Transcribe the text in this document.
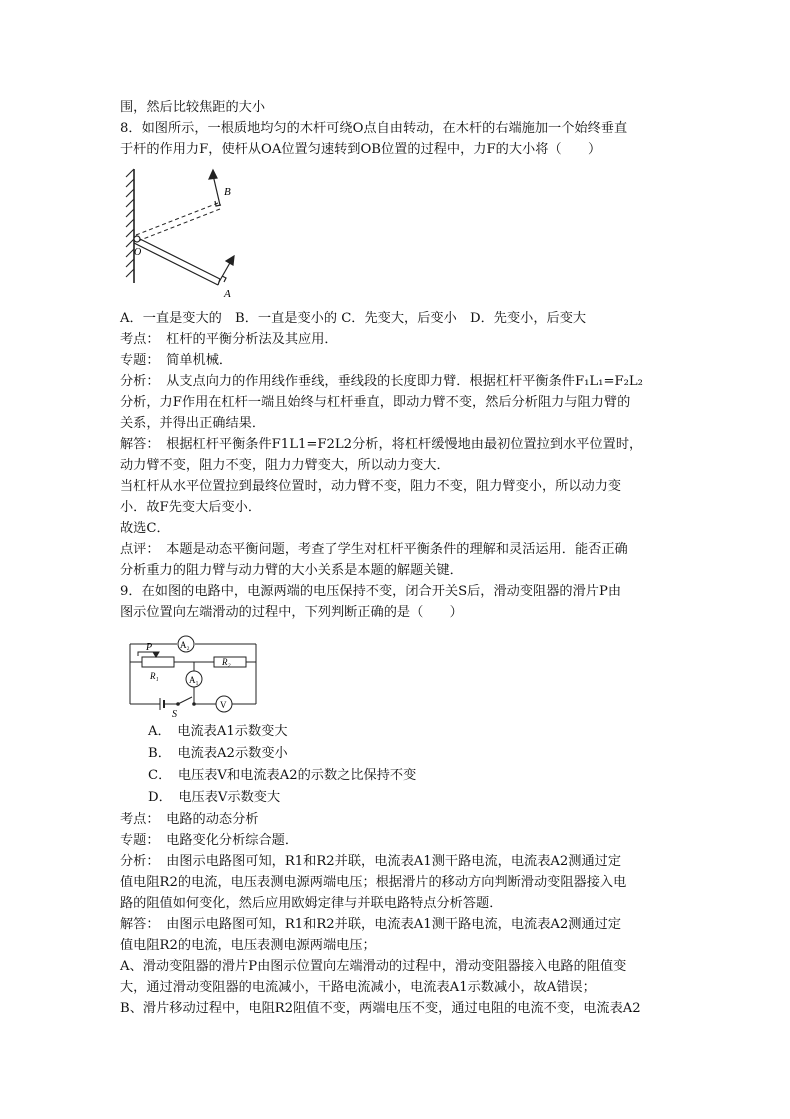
围，然后比较焦距的大小
8．如图所示，一根质地均匀的木杆可绕O点自由转动，在木杆的右端施加一个始终垂直
于杆的作用力F，使杆从OA位置匀速转到OB位置的过程中，力F的大小将（　　）
B
O
A
A．一直是变大的　B．一直是变小的 C．先变大，后变小　D．先变小，后变大
考点：　杠杆的平衡分析法及其应用．
专题：　简单机械．
分析：　从支点向力的作用线作垂线，垂线段的长度即力臂．根据杠杆平衡条件F₁L₁=F₂L₂
分析，力F作用在杠杆一端且始终与杠杆垂直，即动力臂不变，然后分析阻力与阻力臂的
关系，并得出正确结果．
解答：　根据杠杆平衡条件F1L1=F2L2分析，将杠杆缓慢地由最初位置拉到水平位置时，
动力臂不变，阻力不变，阻力力臂变大，所以动力变大．
当杠杆从水平位置拉到最终位置时，动力臂不变，阻力不变，阻力臂变小，所以动力变
小．故F先变大后变小．
故选C．
点评：　本题是动态平衡问题，考查了学生对杠杆平衡条件的理解和灵活运用．能否正确
分析重力的阻力臂与动力臂的大小关系是本题的解题关键．
9．在如图的电路中，电源两端的电压保持不变，闭合开关S后，滑动变阻器的滑片P由
图示位置向左端滑动的过程中，下列判断正确的是（　　）
A₂
P
R₁
R₂
A₁
S
V
A．　电流表A1示数变大
B．　电流表A2示数变小
C．　电压表V和电流表A2的示数之比保持不变
D．　电压表V示数变大
考点：　电路的动态分析
专题：　电路变化分析综合题．
分析：　由图示电路图可知，R1和R2并联，电流表A1测干路电流，电流表A2测通过定
值电阻R2的电流，电压表测电源两端电压；根据滑片的移动方向判断滑动变阻器接入电
路的阻值如何变化，然后应用欧姆定律与并联电路特点分析答题．
解答：　由图示电路图可知，R1和R2并联，电流表A1测干路电流，电流表A2测通过定
值电阻R2的电流，电压表测电源两端电压；
A、滑动变阻器的滑片P由图示位置向左端滑动的过程中，滑动变阻器接入电路的阻值变
大，通过滑动变阻器的电流减小，干路电流减小，电流表A1示数减小，故A错误；
B、滑片移动过程中，电阻R2阻值不变，两端电压不变，通过电阻的电流不变，电流表A2
